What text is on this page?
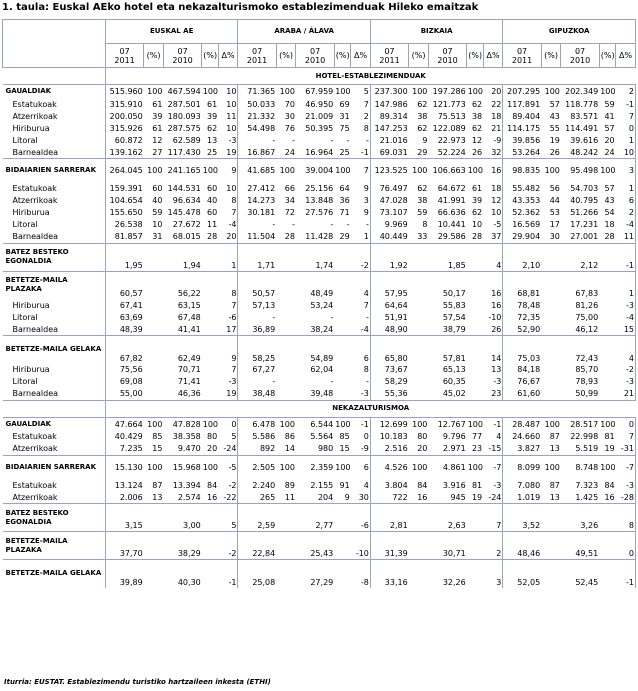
1. taula: Euskal AEko hotel eta nekazalturismoko establezimenduak Hileko emaitzak
	EUSKAL AE					ARABA / ÁLAVA					BIZKAIA					GIPUZKOA				
	07
2011	(%)	07
2010	(%)	Δ%	07
2011	(%)	07
2010	(%)	Δ%	07
2011	(%)	07
2010	(%)	Δ%	07
2011	(%)	07
2010	(%)	Δ%
	HOTEL-ESTABLEZIMENDUAK																			
GAUALDIAK	515.960	100	467.594	100	10	71.365	100	67.959	100	5	237.300	100	197.286	100	20	207.295	100	202.349	100	2
Estatukoak	315.910	61	287.501	61	10	50.033	70	46.950	69	7	147.986	62	121.773	62	22	117.891	57	118.778	59	-1
Atzerrikoak	200.050	39	180.093	39	11	21.332	30	21.009	31	2	89.314	38	75.513	38	18	89.404	43	83.571	41	7
Hiriburua	315.926	61	287.575	62	10	54.498	76	50.395	75	8	147.253	62	122.089	62	21	114.175	55	114.491	57	0
Litoral	60.872	12	62.589	13	-3	-	-	-	-	-	21.016	9	22.973	12	-9	39.856	19	39.616	20	1
Barnealdea	139.162	27	117.430	25	19	16.867	24	16.964	25	-1	69.031	29	52.224	26	32	53.264	26	48.242	24	10
BIDAIARIEN SARRERAK	264.045	100	241.165	100	9	41.685	100	39.004	100	7	123.525	100	106.663	100	16	98.835	100	95.498	100	3
Estatukoak	159.391	60	144.531	60	10	27.412	66	25.156	64	9	76.497	62	64.672	61	18	55.482	56	54.703	57	1
Atzerrikoak	104.654	40	96.634	40	8	14.273	34	13.848	36	3	47.028	38	41.991	39	12	43.353	44	40.795	43	6
Hiriburua	155.650	59	145.478	60	7	30.181	72	27.576	71	9	73.107	59	66.636	62	10	52.362	53	51.266	54	2
Litoral	26.538	10	27.672	11	-4	-	-	-	-	-	9.969	8	10.441	10	-5	16.569	17	17.231	18	-4
Barnealdea	81.857	31	68.015	28	20	11.504	28	11.428	29	1	40.449	33	29.586	28	37	29.904	30	27.001	28	11
BATEZ BESTEKO EGONALDIA	1,95		1,94		1	1,71		1,74		-2	1,92		1,85		4	2,10		2,12		-1
BETETZE-MAILA PLAZAKA	60,57		56,22		8	50,57		48,49		4	57,95		50,17		16	68,81		67,83		1
Hiriburua	67,41		63,15		7	57,13		53,24		7	64,64		55,83		16	78,48		81,26		-3
Litoral	63,69		67,48		-6	-		-		-	51,91		57,54		-10	72,35		75,00		-4
Barnealdea	48,39		41,41		17	36,89		38,24		-4	48,90		38,79		26	52,90		46,12		15
BETETZE-MAILA GELAKA	67,82		62,49		9	58,25		54,89		6	65,80		57,81		14	75,03		72,43		4
Hiriburua	75,56		70,71		7	67,27		62,04		8	73,67		65,13		13	84,18		85,70		-2
Litoral	69,08		71,41		-3	-		-		-	58,29		60,35		-3	76,67		78,93		-3
Barnealdea	55,00		46,36		19	38,48		39,48		-3	55,36		45,02		23	61,60		50,99		21
	NEKAZALTURISMOA																			
GAUALDIAK	47.664	100	47.828	100	0	6.478	100	6.544	100	-1	12.699	100	12.767	100	-1	28.487	100	28.517	100	0
Estatukoak	40.429	85	38.358	80	5	5.586	86	5.564	85	0	10.183	80	9.796	77	4	24.660	87	22.998	81	7
Atzerrikoak	7.235	15	9.470	20	-24	892	14	980	15	-9	2.516	20	2.971	23	-15	3.827	13	5.519	19	-31
BIDAIARIEN SARRERAK	15.130	100	15.968	100	-5	2.505	100	2.359	100	6	4.526	100	4.861	100	-7	8.099	100	8.748	100	-7
Estatukoak	13.124	87	13.394	84	-2	2.240	89	2.155	91	4	3.804	84	3.916	81	-3	7.080	87	7.323	84	-3
Atzerrikoak	2.006	13	2.574	16	-22	265	11	204	9	30	722	16	945	19	-24	1.019	13	1.425	16	-28
BATEZ BESTEKO EGONALDIA	3,15		3,00		5	2,59		2,77		-6	2,81		2,63		7	3,52		3,26		8
BETETZE-MAILA PLAZAKA	37,70		38,29		-2	22,84		25,43		-10	31,39		30,71		2	48,46		49,51		0
BETETZE-MAILA GELAKA	39,89		40,30		-1	25,08		27,29		-8	33,16		32,26		3	52,05		52,45		-1
Iturria: EUSTAT. Establezimendu turistiko hartzaileen inkesta (ETHI)
